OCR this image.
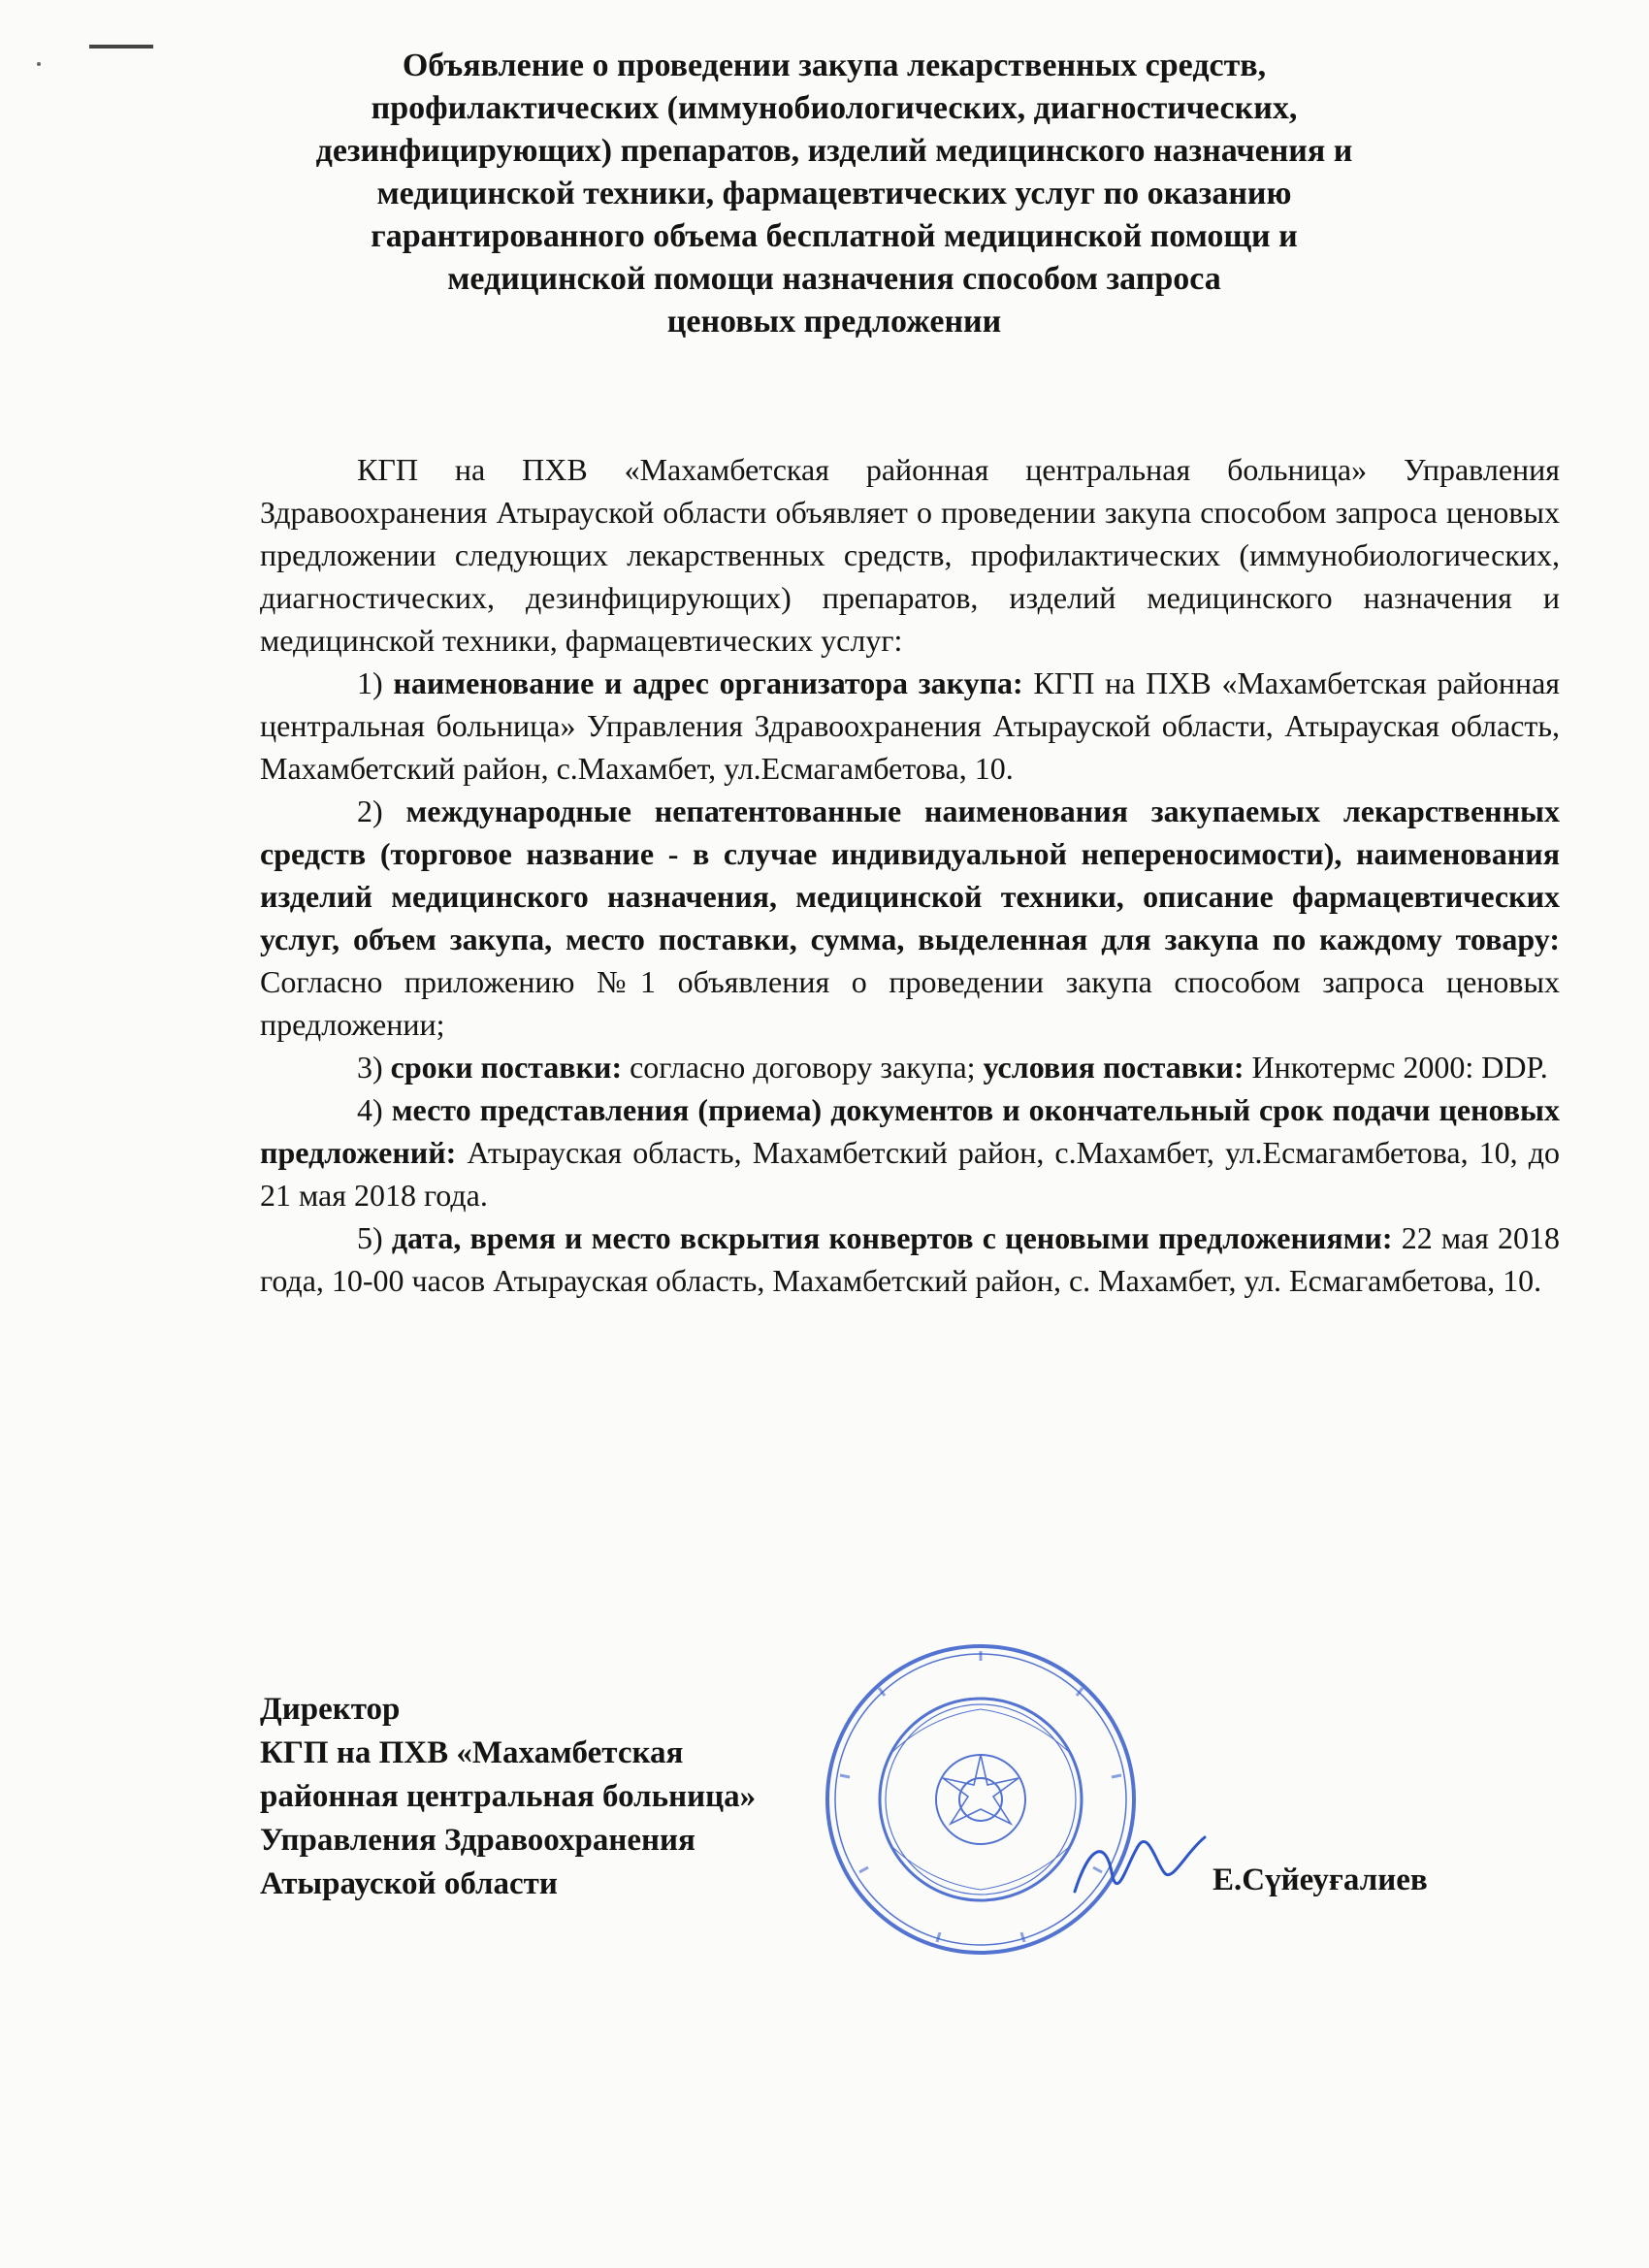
Объявление о проведении закупа лекарственных средств,
профилактических (иммунобиологических, диагностических,
дезинфицирующих) препаратов, изделий медицинского назначения и
медицинской техники, фармацевтических услуг по оказанию
гарантированного объема бесплатной медицинской помощи и
медицинской помощи назначения способом запроса
ценовых предложении

КГП на ПХВ «Махамбетская районная центральная больница» Управления Здравоохранения Атырауской области объявляет о проведении закупа способом запроса ценовых предложении следующих лекарственных средств, профилактических (иммунобиологических, диагностических, дезинфицирующих) препаратов, изделий медицинского назначения и медицинской техники, фармацевтических услуг:

1) наименование и адрес организатора закупа: КГП на ПХВ «Махамбетская районная центральная больница» Управления Здравоохранения Атырауской области, Атырауская область, Махамбетский район, с.Махамбет, ул.Есмагамбетова, 10.

2) международные непатентованные наименования закупаемых лекарственных средств (торговое название - в случае индивидуальной непереносимости), наименования изделий медицинского назначения, медицинской техники, описание фармацевтических услуг, объем закупа, место поставки, сумма, выделенная для закупа по каждому товару: Согласно приложению №1 объявления о проведении закупа способом запроса ценовых предложении;

3) сроки поставки: согласно договору закупа; условия поставки: Инкотермс 2000: DDP.

4) место представления (приема) документов и окончательный срок подачи ценовых предложений: Атырауская область, Махамбетский район, с.Махамбет, ул.Есмагамбетова, 10, до 21 мая 2018 года.

5) дата, время и место вскрытия конвертов с ценовыми предложениями: 22 мая 2018 года, 10-00 часов Атырауская область, Махамбетский район, с. Махамбет, ул. Есмагамбетова, 10.

Директор
КГП на ПХВ «Махамбетская
районная центральная больница»
Управления Здравоохранения
Атырауской области	Е.Сүйеуғалиев
